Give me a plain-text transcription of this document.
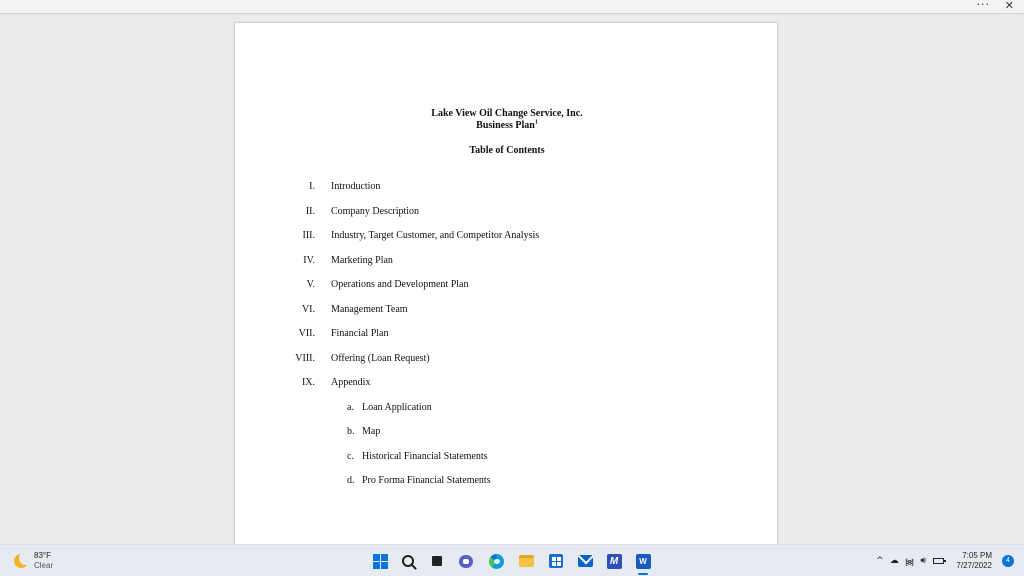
··· ✕
Lake View Oil Change Service, Inc.
Business Plan$^1$
Table of Contents
I. Introduction
II. Company Description
III. Industry, Target Customer, and Competitor Analysis
IV. Marketing Plan
V. Operations and Development Plan
VI. Management Team
VII. Financial Plan
VIII. Offering (Loan Request)
IX. Appendix
a. Loan Application
b. Map
c. Historical Financial Statements
d. Pro Forma Financial Statements
83°F
Clear	M	W	^ ☁ ᯼ 🔊︎
7:05 PM
7/27/2022
4
